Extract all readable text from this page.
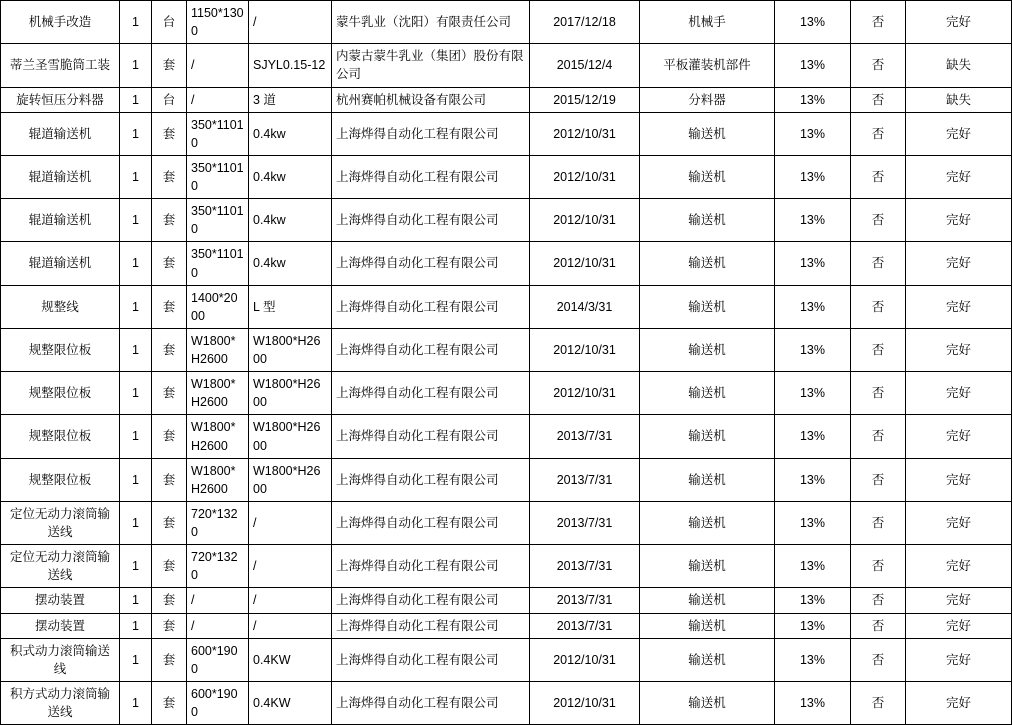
机械手改造	1	台	1150*1300	/	蒙牛乳业（沈阳）有限责任公司	2017/12/18	机械手	13%	否	完好
蒂兰圣雪脆筒工装	1	套	/	SJYL0.15-12	内蒙古蒙牛乳业（集团）股份有限公司	2015/12/4	平板灌装机部件	13%	否	缺失
旋转恒压分料器	1	台	/	3 道	杭州赛帕机械设备有限公司	2015/12/19	分料器	13%	否	缺失
辊道输送机	1	套	350*11010	0.4kw	上海烨得自动化工程有限公司	2012/10/31	输送机	13%	否	完好
辊道输送机	1	套	350*11010	0.4kw	上海烨得自动化工程有限公司	2012/10/31	输送机	13%	否	完好
辊道输送机	1	套	350*11010	0.4kw	上海烨得自动化工程有限公司	2012/10/31	输送机	13%	否	完好
辊道输送机	1	套	350*11010	0.4kw	上海烨得自动化工程有限公司	2012/10/31	输送机	13%	否	完好
规整线	1	套	1400*2000	L 型	上海烨得自动化工程有限公司	2014/3/31	输送机	13%	否	完好
规整限位板	1	套	W1800*H2600	W1800*H2600	上海烨得自动化工程有限公司	2012/10/31	输送机	13%	否	完好
规整限位板	1	套	W1800*H2600	W1800*H2600	上海烨得自动化工程有限公司	2012/10/31	输送机	13%	否	完好
规整限位板	1	套	W1800*H2600	W1800*H2600	上海烨得自动化工程有限公司	2013/7/31	输送机	13%	否	完好
规整限位板	1	套	W1800*H2600	W1800*H2600	上海烨得自动化工程有限公司	2013/7/31	输送机	13%	否	完好
定位无动力滚筒输送线	1	套	720*1320	/	上海烨得自动化工程有限公司	2013/7/31	输送机	13%	否	完好
定位无动力滚筒输送线	1	套	720*1320	/	上海烨得自动化工程有限公司	2013/7/31	输送机	13%	否	完好
摆动装置	1	套	/	/	上海烨得自动化工程有限公司	2013/7/31	输送机	13%	否	完好
摆动装置	1	套	/	/	上海烨得自动化工程有限公司	2013/7/31	输送机	13%	否	完好
积式动力滚筒输送线	1	套	600*1900	0.4KW	上海烨得自动化工程有限公司	2012/10/31	输送机	13%	否	完好
积方式动力滚筒输送线	1	套	600*1900	0.4KW	上海烨得自动化工程有限公司	2012/10/31	输送机	13%	否	完好
